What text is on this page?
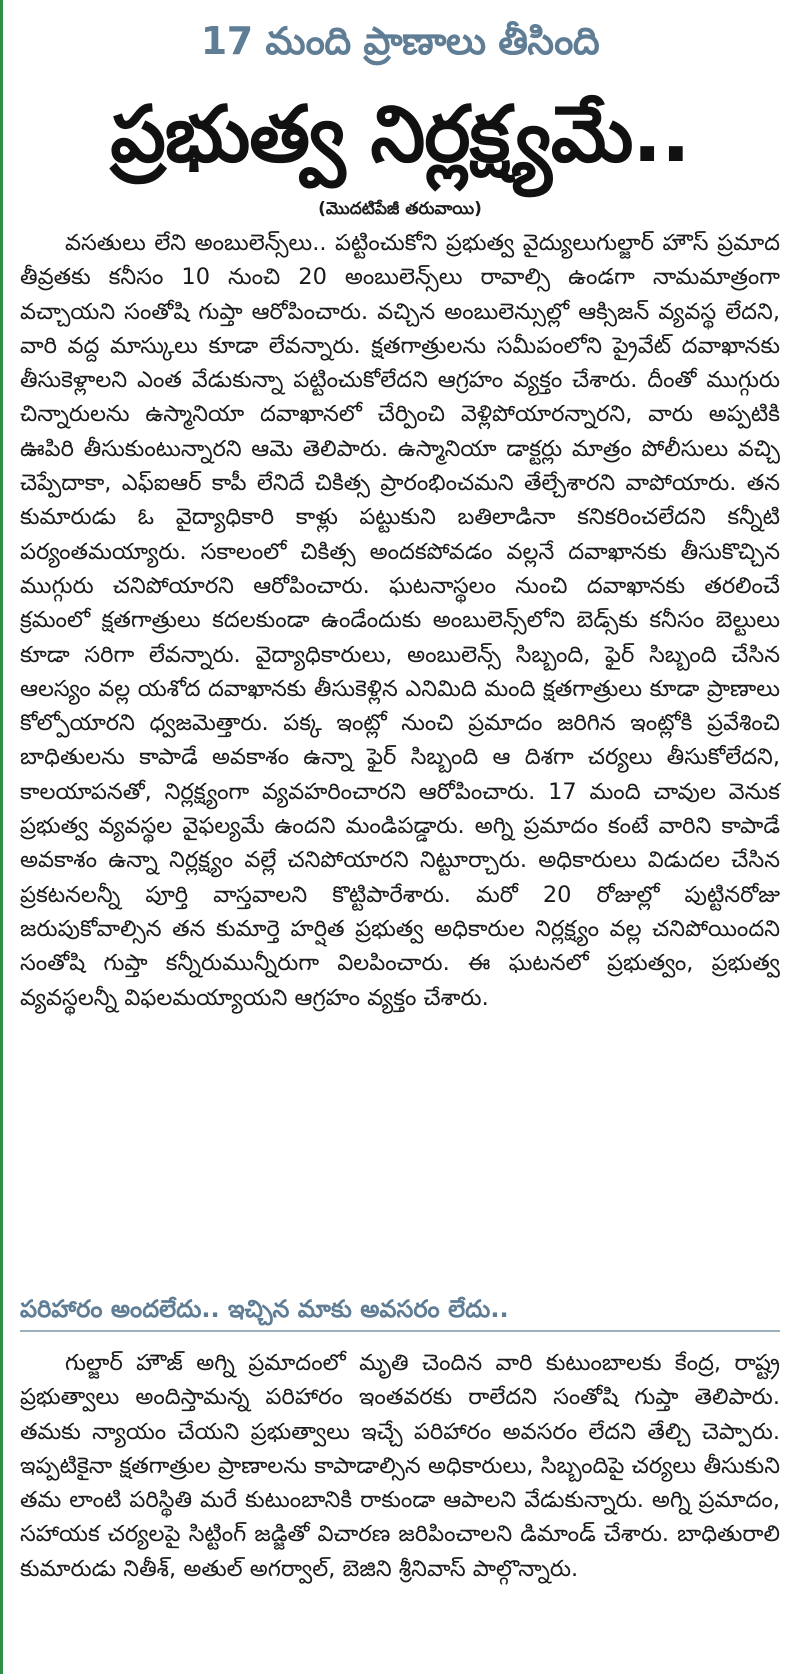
17 మంది ప్రాణాలు తీసింది
ప్రభుత్వ నిర్లక్ష్యమే..
(మొదటిపేజీ తరువాయి)

వసతులు లేని అంబులెన్స్‌లు.. పట్టించుకోని ప్రభుత్వ వైద్యులుగుల్జార్ హౌస్ ప్రమాద తీవ్రతకు కనీసం 10 నుంచి 20 అంబులెన్స్‌లు రావాల్సి ఉండగా నామమాత్రంగా వచ్చాయని సంతోషి గుప్తా ఆరోపించారు. వచ్చిన అంబులెన్సుల్లో ఆక్సిజన్ వ్యవస్థ లేదని, వారి వద్ద మాస్కులు కూడా లేవన్నారు. క్షతగాత్రులను సమీపంలోని ప్రైవేట్ దవాఖానకు తీసుకెళ్లాలని ఎంత వేడుకున్నా పట్టించుకోలేదని ఆగ్రహం వ్యక్తం చేశారు. దీంతో ముగ్గురు చిన్నారులను ఉస్మానియా దవాఖానలో చేర్పించి వెళ్లిపోయారన్నారని, వారు అప్పటికి ఊపిరి తీసుకుంటున్నారని ఆమె తెలిపారు. ఉస్మానియా డాక్టర్లు మాత్రం పోలీసులు వచ్చి చెప్పేదాకా, ఎఫ్ఐఆర్ కాపీ లేనిదే చికిత్స ప్రారంభించమని తేల్చేశారని వాపోయారు. తన కుమారుడు ఓ వైద్యాధికారి కాళ్లు పట్టుకుని బతిలాడినా కనికరించలేదని కన్నీటి పర్యంతమయ్యారు. సకాలంలో చికిత్స అందకపోవడం వల్లనే దవాఖానకు తీసుకొచ్చిన ముగ్గురు చనిపోయారని ఆరోపించారు. ఘటనాస్థలం నుంచి దవాఖానకు తరలించే క్రమంలో క్షతగాత్రులు కదలకుండా ఉండేందుకు అంబులెన్స్‌లోని బెడ్స్‌కు కనీసం బెల్టులు కూడా సరిగా లేవన్నారు. వైద్యాధికారులు, అంబులెన్స్ సిబ్బంది, ఫైర్ సిబ్బంది చేసిన ఆలస్యం వల్ల యశోద దవాఖానకు తీసుకెళ్లిన ఎనిమిది మంది క్షతగాత్రులు కూడా ప్రాణాలు కోల్పోయారని ధ్వజమెత్తారు. పక్క ఇంట్లో నుంచి ప్రమాదం జరిగిన ఇంట్లోకి ప్రవేశించి బాధితులను కాపాడే అవకాశం ఉన్నా ఫైర్ సిబ్బంది ఆ దిశగా చర్యలు తీసుకోలేదని, కాలయాపనతో, నిర్లక్ష్యంగా వ్యవహరించారని ఆరోపించారు. 17 మంది చావుల వెనుక ప్రభుత్వ వ్యవస్థల వైఫల్యమే ఉందని మండిపడ్డారు. అగ్ని ప్రమాదం కంటే వారిని కాపాడే అవకాశం ఉన్నా నిర్లక్ష్యం వల్లే చనిపోయారని నిట్టూర్చారు. అధికారులు విడుదల చేసిన ప్రకటనలన్నీ పూర్తి వాస్తవాలని కొట్టిపారేశారు. మరో 20 రోజుల్లో పుట్టినరోజు జరుపుకోవాల్సిన తన కుమార్తె హర్షిత ప్రభుత్వ అధికారుల నిర్లక్ష్యం వల్ల చనిపోయిందని సంతోషి గుప్తా కన్నీరుమున్నీరుగా విలపించారు. ఈ ఘటనలో ప్రభుత్వం, ప్రభుత్వ వ్యవస్థలన్నీ విఫలమయ్యాయని ఆగ్రహం వ్యక్తం చేశారు.

పరిహారం అందలేదు.. ఇచ్చిన మాకు అవసరం లేదు..

గుల్జార్ హౌజ్ అగ్ని ప్రమాదంలో మృతి చెందిన వారి కుటుంబాలకు కేంద్ర, రాష్ట్ర ప్రభుత్వాలు అందిస్తామన్న పరిహారం ఇంతవరకు రాలేదని సంతోషి గుప్తా తెలిపారు. తమకు న్యాయం చేయని ప్రభుత్వాలు ఇచ్చే పరిహారం అవసరం లేదని తేల్చి చెప్పారు. ఇప్పటికైనా క్షతగాత్రుల ప్రాణాలను కాపాడాల్సిన అధికారులు, సిబ్బందిపై చర్యలు తీసుకుని తమ లాంటి పరిస్థితి మరే కుటుంబానికి రాకుండా ఆపాలని వేడుకున్నారు. అగ్ని ప్రమాదం, సహాయక చర్యలపై సిట్టింగ్ జడ్జితో విచారణ జరిపించాలని డిమాండ్ చేశారు. బాధితురాలి కుమారుడు నితీశ్, అతుల్ అగర్వాల్, బెజిని శ్రీనివాస్ పాల్గొన్నారు.
